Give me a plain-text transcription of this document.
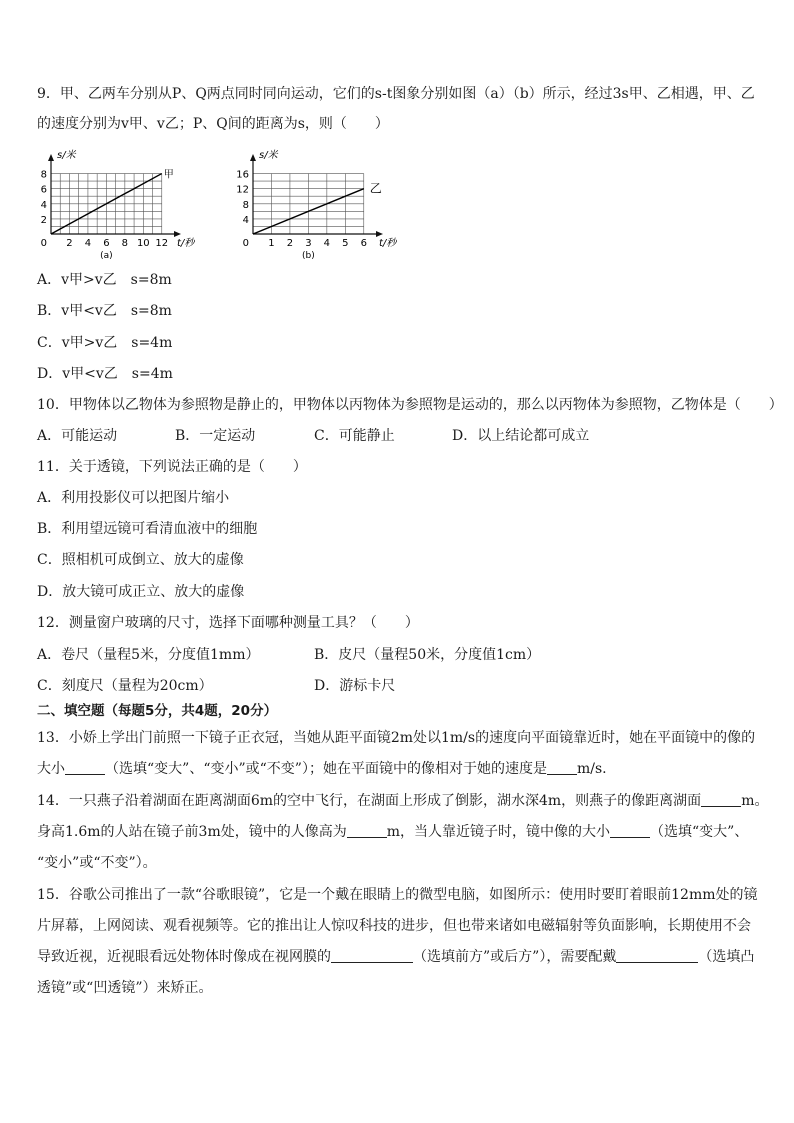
9．甲、乙两车分别从P、Q两点同时同向运动，它们的s-t图象分别如图（a）（b）所示，经过3s甲、乙相遇，甲、乙
的速度分别为v甲、v乙；P、Q间的距离为s，则（　　）
2 4 6 8 10 12
2
4
6
8
0
s/米
t/秒
(a)
甲
1 2 3 4 5 6
4
8
12
16
0
s/米
t/秒
(b)
乙
A．v甲>v乙　s=8m
B．v甲<v乙　s=8m
C．v甲>v乙　s=4m
D．v甲<v乙　s=4m
10．甲物体以乙物体为参照物是静止的，甲物体以丙物体为参照物是运动的，那么以丙物体为参照物，乙物体是（　　）
A．可能运动	B．一定运动	C．可能静止	D．以上结论都可成立
11．关于透镜，下列说法正确的是（　　）
A．利用投影仪可以把图片缩小
B．利用望远镜可看清血液中的细胞
C．照相机可成倒立、放大的虚像
D．放大镜可成正立、放大的虚像
12．测量窗户玻璃的尺寸，选择下面哪种测量工具？（　　）
A．卷尺（量程5米，分度值1mm）	B．皮尺（量程50米，分度值1cm）
C．刻度尺（量程为20cm）	D．游标卡尺
二、填空题（每题5分，共4题，20分）
13．小娇上学出门前照一下镜子正衣冠，当她从距平面镜2m处以1m/s的速度向平面镜靠近时，她在平面镜中的像的
大小	（选填“变大”、“变小”或“不变”）；她在平面镜中的像相对于她的速度是 m/s.
14．一只燕子沿着湖面在距离湖面6m的空中飞行，在湖面上形成了倒影，湖水深4m，则燕子的像距离湖面	m。
身高1.6m的人站在镜子前3m处，镜中的人像高为	m，当人靠近镜子时，镜中像的大小	（选填“变大”、
“变小”或“不变”）。
15．谷歌公司推出了一款“谷歌眼镜”，它是一个戴在眼睛上的微型电脑，如图所示：使用时要盯着眼前12mm处的镜
片屏幕，上网阅读、观看视频等。它的推出让人惊叹科技的进步，但也带来诸如电磁辐射等负面影响，长期使用不会
导致近视，近视眼看远处物体时像成在视网膜的	（选填前方”或后方”），需要配戴	（选填凸
透镜”或“凹透镜”）来矫正。
